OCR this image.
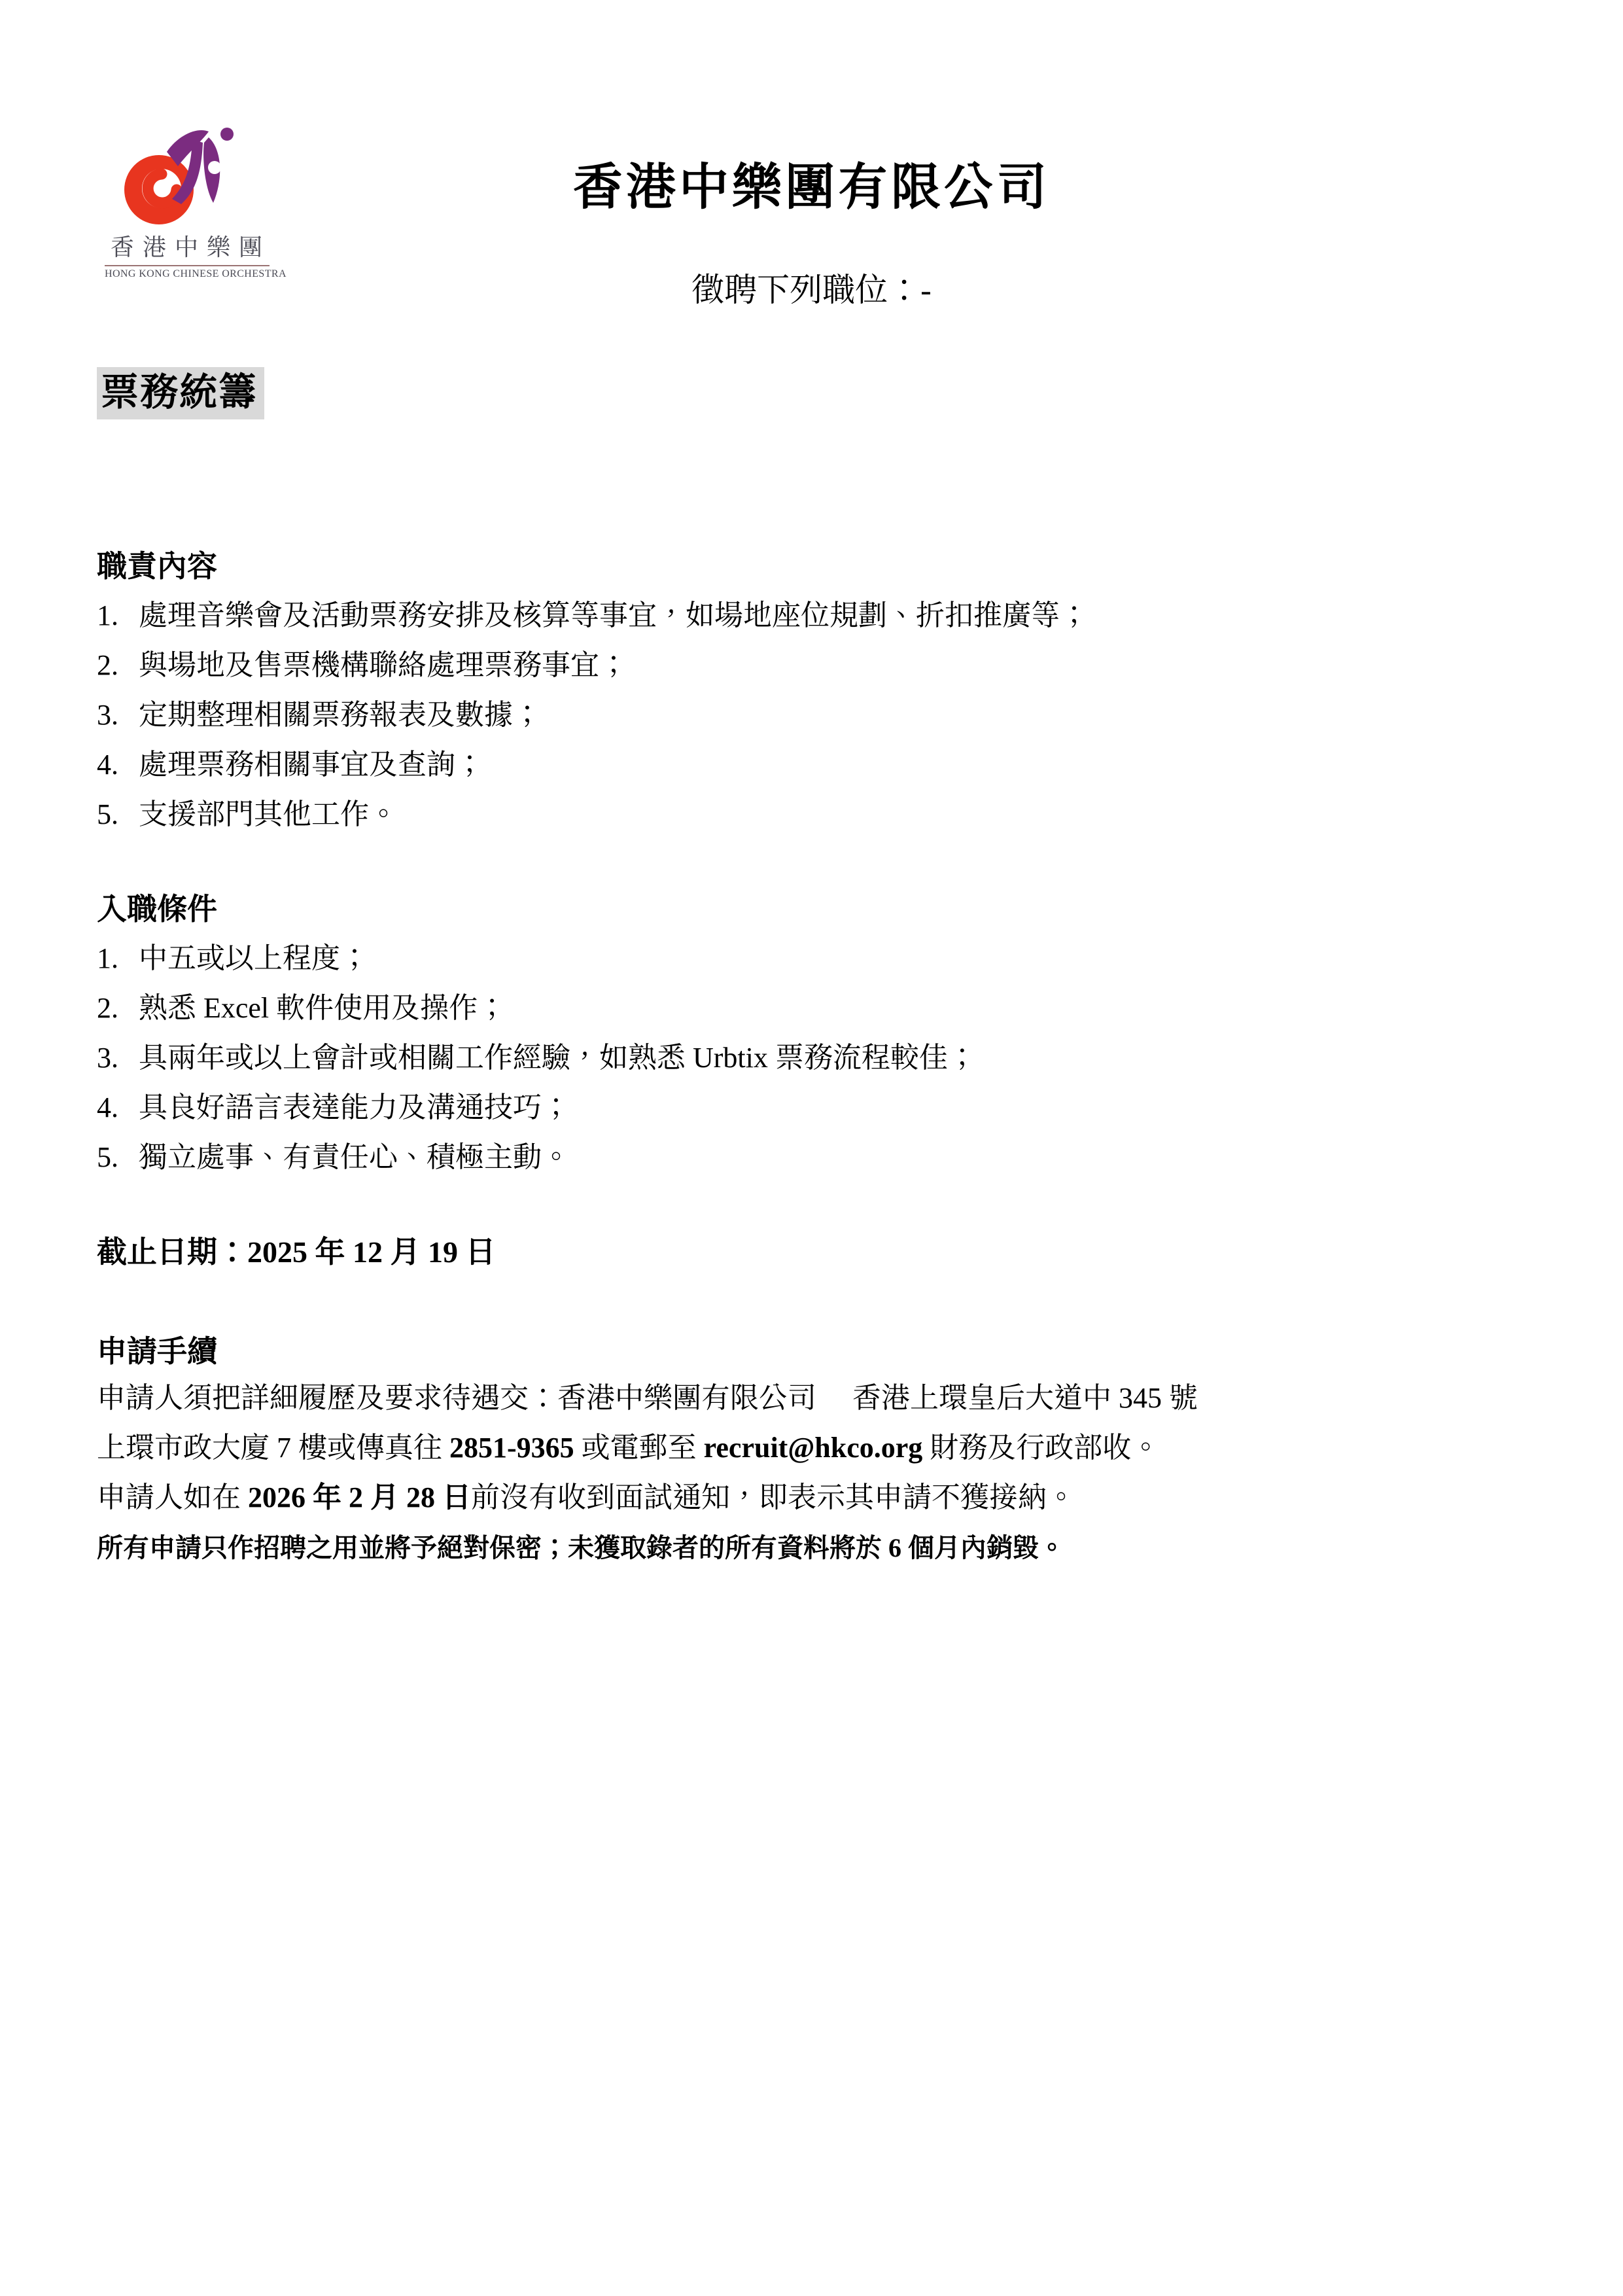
香 港 中 樂 團
HONG KONG CHINESE ORCHESTRA
香港中樂團有限公司
徵聘下列職位：-
票務統籌
職責內容
1. 處理音樂會及活動票務安排及核算等事宜，如場地座位規劃、折扣推廣等；
2. 與場地及售票機構聯絡處理票務事宜；
3. 定期整理相關票務報表及數據；
4. 處理票務相關事宜及查詢；
5. 支援部門其他工作。
入職條件
1. 中五或以上程度；
2. 熟悉 Excel 軟件使用及操作；
3. 具兩年或以上會計或相關工作經驗，如熟悉 Urbtix 票務流程較佳；
4. 具良好語言表達能力及溝通技巧；
5. 獨立處事、有責任心、積極主動。
截止日期：2025 年 12 月 19 日
申請手續
申請人須把詳細履歷及要求待遇交：香港中樂團有限公司　 香港上環皇后大道中 345 號
上環市政大廈 7 樓或傳真往 2851-9365 或電郵至 recruit@hkco.org 財務及行政部收。
申請人如在 2026 年 2 月 28 日前沒有收到面試通知，即表示其申請不獲接納。
所有申請只作招聘之用並將予絕對保密；未獲取錄者的所有資料將於 6 個月內銷毀。
